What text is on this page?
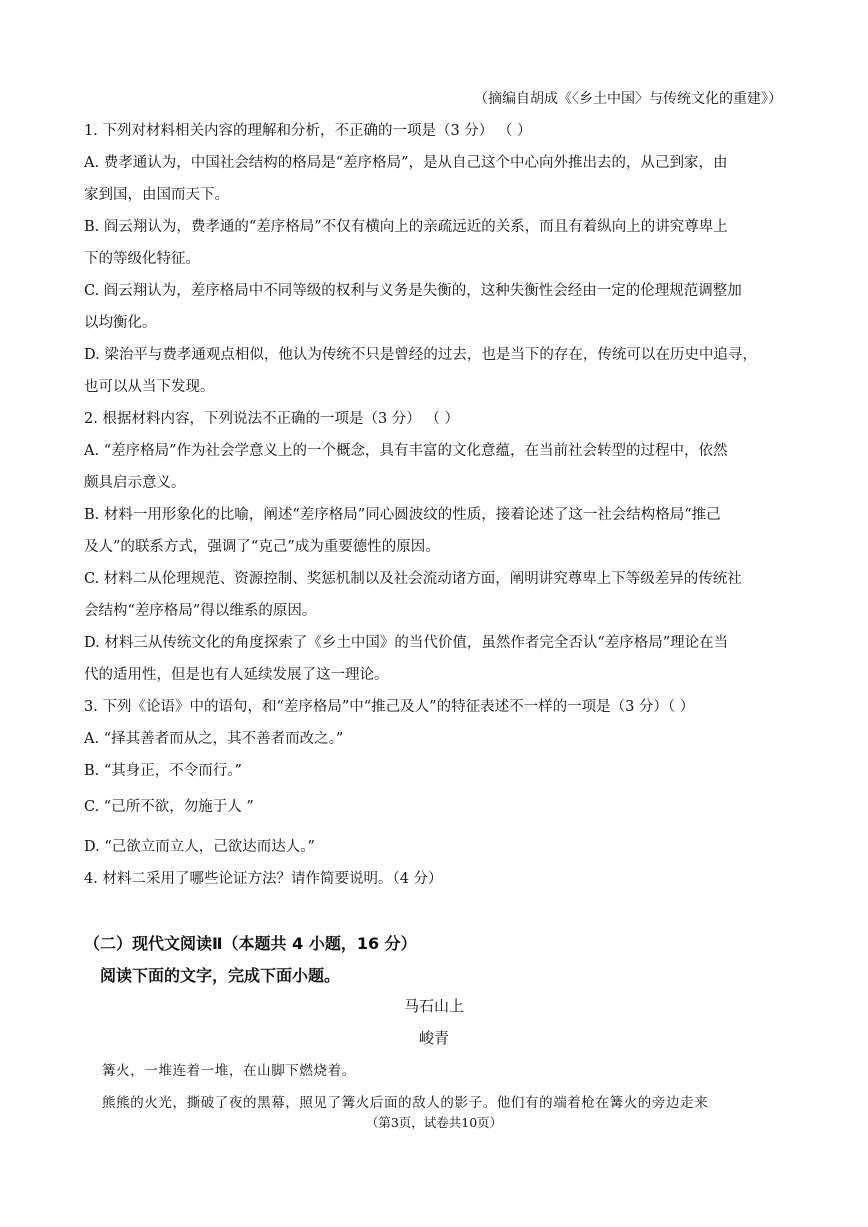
（摘编自胡成《〈乡土中国〉与传统文化的重建》）
1. 下列对材料相关内容的理解和分析，不正确的一项是（3 分） （ ）
A. 费孝通认为，中国社会结构的格局是“差序格局”，是从自己这个中心向外推出去的，从己到家，由
家到国，由国而天下。
B. 阎云翔认为，费孝通的“差序格局”不仅有横向上的亲疏远近的关系，而且有着纵向上的讲究尊卑上
下的等级化特征。
C. 阎云翔认为，差序格局中不同等级的权利与义务是失衡的，这种失衡性会经由一定的伦理规范调整加
以均衡化。
D. 梁治平与费孝通观点相似，他认为传统不只是曾经的过去，也是当下的存在，传统可以在历史中追寻，
也可以从当下发现。
2. 根据材料内容，下列说法不正确的一项是（3 分） （ ）
A. “差序格局”作为社会学意义上的一个概念，具有丰富的文化意蕴，在当前社会转型的过程中，依然
颇具启示意义。
B. 材料一用形象化的比喻，阐述“差序格局”同心圆波纹的性质，接着论述了这一社会结构格局“推己
及人”的联系方式，强调了“克己”成为重要德性的原因。
C. 材料二从伦理规范、资源控制、奖惩机制以及社会流动诸方面，阐明讲究尊卑上下等级差异的传统社
会结构“差序格局”得以维系的原因。
D. 材料三从传统文化的角度探索了《乡土中国》的当代价值，虽然作者完全否认“差序格局”理论在当
代的适用性，但是也有人延续发展了这一理论。
3. 下列《论语》中的语句，和“差序格局”中“推己及人”的特征表述不一样的一项是（3 分）（ ）
A. “择其善者而从之，其不善者而改之。”
B. “其身正，不令而行。”
C. “己所不欲，勿施于人 ”
D. “己欲立而立人，己欲达而达人。”
4. 材料二采用了哪些论证方法？请作简要说明。（4 分）
（二）现代文阅读Ⅱ（本题共 4 小题，16 分）
阅读下面的文字，完成下面小题。
马石山上
峻青
篝火，一堆连着一堆，在山脚下燃烧着。
熊熊的火光，撕破了夜的黑幕，照见了篝火后面的敌人的影子。他们有的端着枪在篝火的旁边走来
（第3页，试卷共10页）
